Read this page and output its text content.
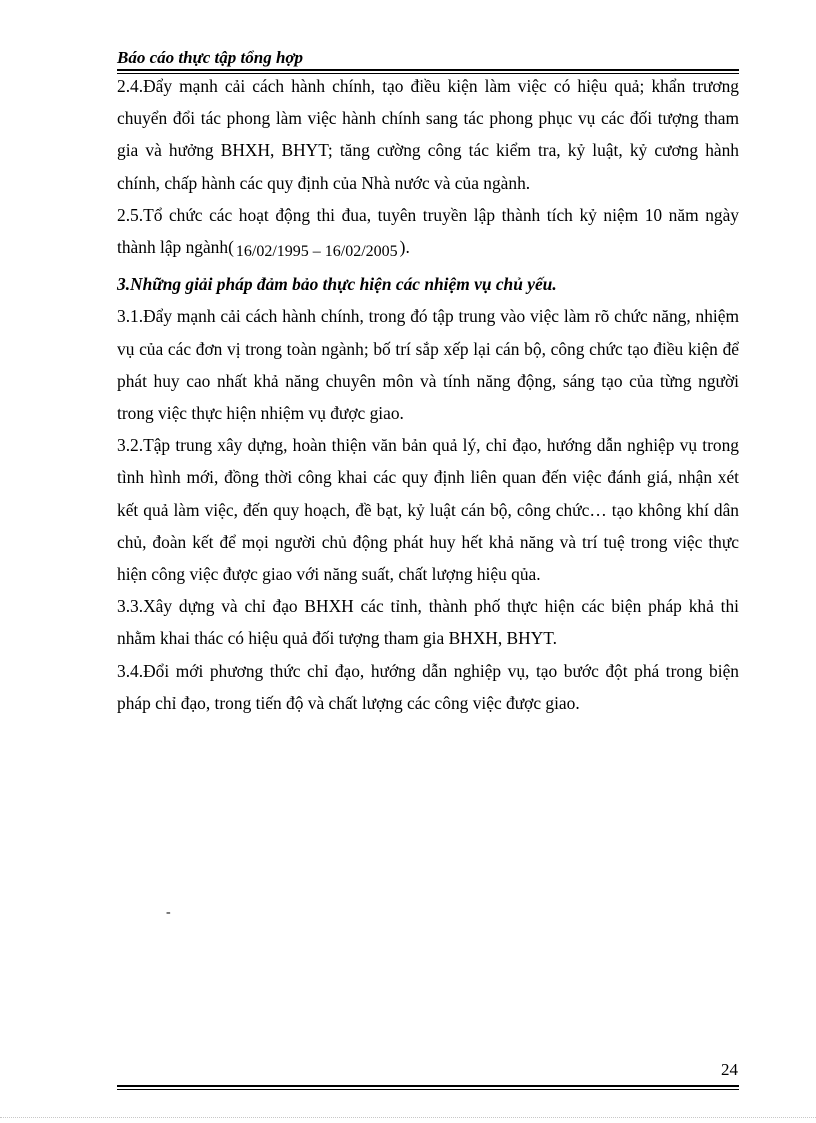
Báo cáo thực tập tổng hợp

2.4.Đẩy mạnh cải cách hành chính, tạo điều kiện làm việc có hiệu quả; khẩn trương chuyển đổi tác phong làm việc hành chính sang tác phong phục vụ các đối tượng tham gia và hưởng BHXH, BHYT; tăng cường công tác kiểm tra, kỷ luật, kỷ cương hành chính, chấp hành các quy định của Nhà nước và của ngành.

2.5.Tổ chức các hoạt động thi đua, tuyên truyền lập thành tích kỷ niệm 10 năm ngày thành lập ngành( 16/02/1995 – 16/02/2005 ).

3.Những giải pháp đảm bảo thực hiện các nhiệm vụ chủ yếu.

3.1.Đẩy mạnh cải cách hành chính, trong đó tập trung vào việc làm rõ chức năng, nhiệm vụ của các đơn vị trong toàn ngành; bố trí sắp xếp lại cán bộ, công chức tạo điều kiện để phát huy cao nhất khả năng chuyên môn và tính năng động, sáng tạo của từng người trong việc thực hiện nhiệm vụ được giao.

3.2.Tập trung xây dựng, hoàn thiện văn bản quả lý, chỉ đạo, hướng dẫn nghiệp vụ trong tình hình mới, đồng thời công khai các quy định liên quan đến việc đánh giá, nhận xét kết quả làm việc, đến quy hoạch, đề bạt, kỷ luật cán bộ, công chức… tạo không khí dân chủ, đoàn kết để mọi người chủ động phát huy hết khả năng và trí tuệ trong việc thực hiện công việc được giao với năng suất, chất lượng hiệu qủa.

3.3.Xây dựng và chỉ đạo BHXH các tỉnh, thành phố thực hiện các biện pháp khả thi nhằm khai thác có hiệu quả đối tượng tham gia BHXH, BHYT.

3.4.Đổi mới phương thức chỉ đạo, hướng dẫn nghiệp vụ, tạo bước đột phá trong biện pháp chỉ đạo, trong tiến độ và chất lượng các công việc được giao.

-
24
